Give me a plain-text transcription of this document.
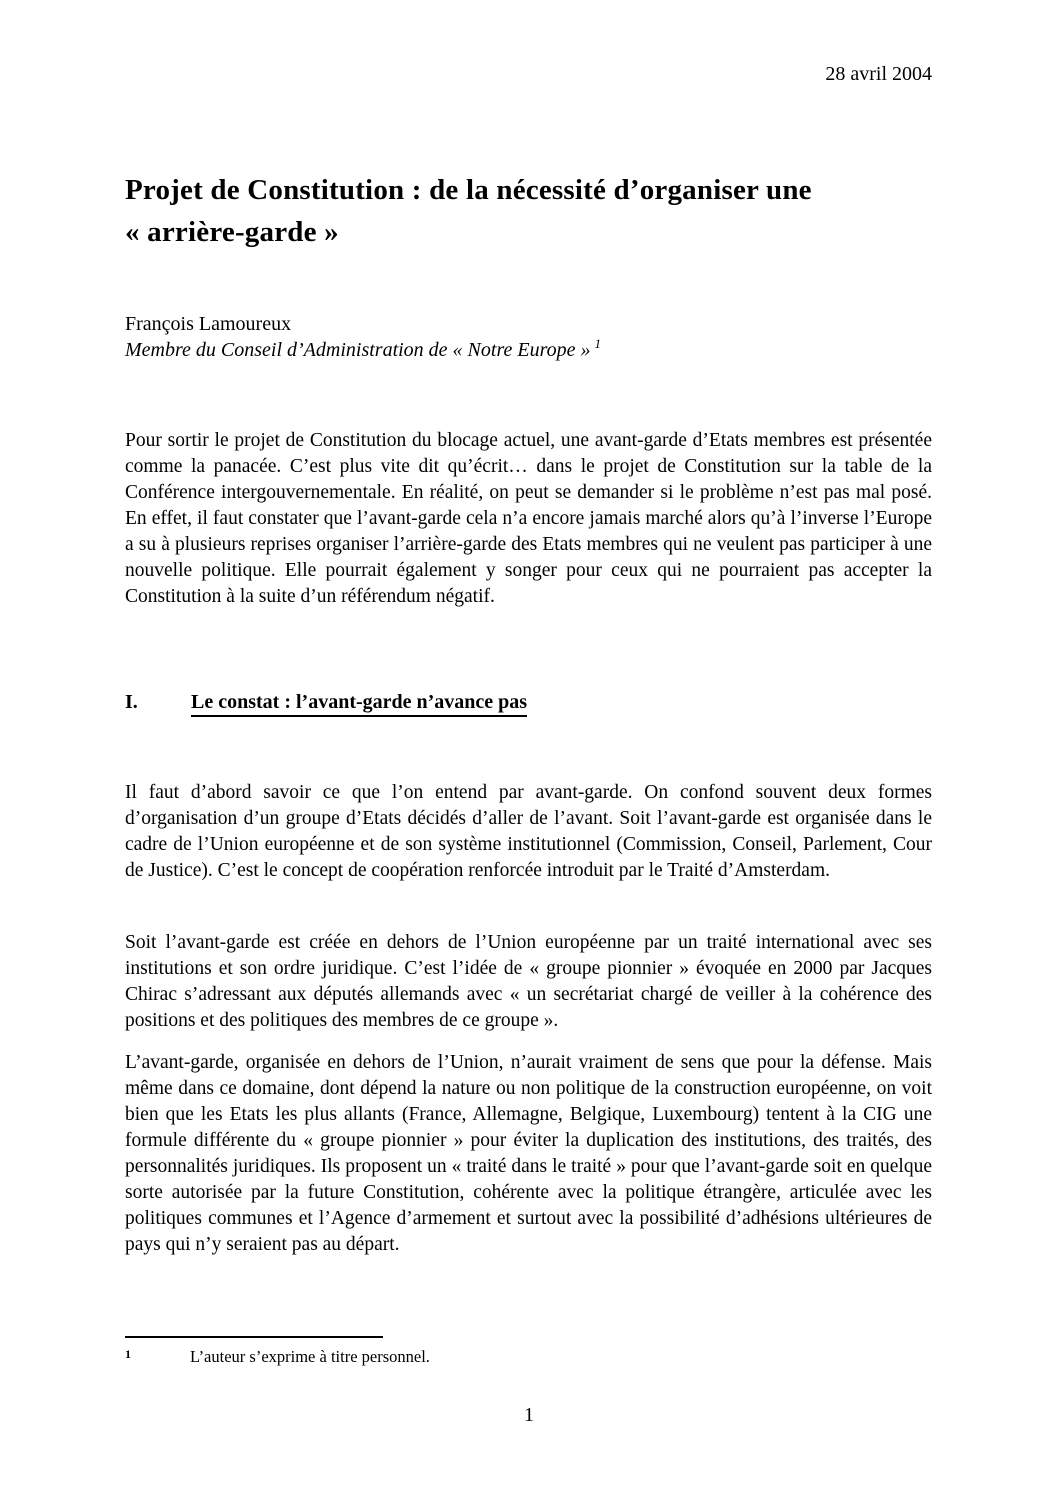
28 avril 2004
Projet de Constitution : de la nécessité d’organiser une
« arrière-garde »
François Lamoureux
Membre du Conseil d’Administration de « Notre Europe » $^1$

Pour sortir le projet de Constitution du blocage actuel, une avant-garde d’Etats membres est présentée comme la panacée. C’est plus vite dit qu’écrit… dans le projet de Constitution sur la table de la Conférence intergouvernementale. En réalité, on peut se demander si le problème n’est pas mal posé. En effet, il faut constater que l’avant-garde cela n’a encore jamais marché alors qu’à l’inverse l’Europe a su à plusieurs reprises organiser l’arrière-garde des Etats membres qui ne veulent pas participer à une nouvelle politique. Elle pourrait également y songer pour ceux qui ne pourraient pas accepter la Constitution à la suite d’un référendum négatif.

I.	Le constat : l’avant-garde n’avance pas

Il faut d’abord savoir ce que l’on entend par avant-garde. On confond souvent deux formes d’organisation d’un groupe d’Etats décidés d’aller de l’avant. Soit l’avant-garde est organisée dans le cadre de l’Union européenne et de son système institutionnel (Commission, Conseil, Parlement, Cour de Justice). C’est le concept de coopération renforcée introduit par le Traité d’Amsterdam.

Soit l’avant-garde est créée en dehors de l’Union européenne par un traité international avec ses institutions et son ordre juridique. C’est l’idée de « groupe pionnier » évoquée en 2000 par Jacques Chirac s’adressant aux députés allemands avec « un secrétariat chargé de veiller à la cohérence des positions et des politiques des membres de ce groupe ».

L’avant-garde, organisée en dehors de l’Union, n’aurait vraiment de sens que pour la défense. Mais même dans ce domaine, dont dépend la nature ou non politique de la construction européenne, on voit bien que les Etats les plus allants (France, Allemagne, Belgique, Luxembourg) tentent à la CIG une formule différente du « groupe pionnier » pour éviter la duplication des institutions, des traités, des personnalités juridiques. Ils proposent un « traité dans le traité » pour que l’avant-garde soit en quelque sorte autorisée par la future Constitution, cohérente avec la politique étrangère, articulée avec les politiques communes et l’Agence d’armement et surtout avec la possibilité d’adhésions ultérieures de pays qui n’y seraient pas au départ.

1	L’auteur s’exprime à titre personnel.
1
